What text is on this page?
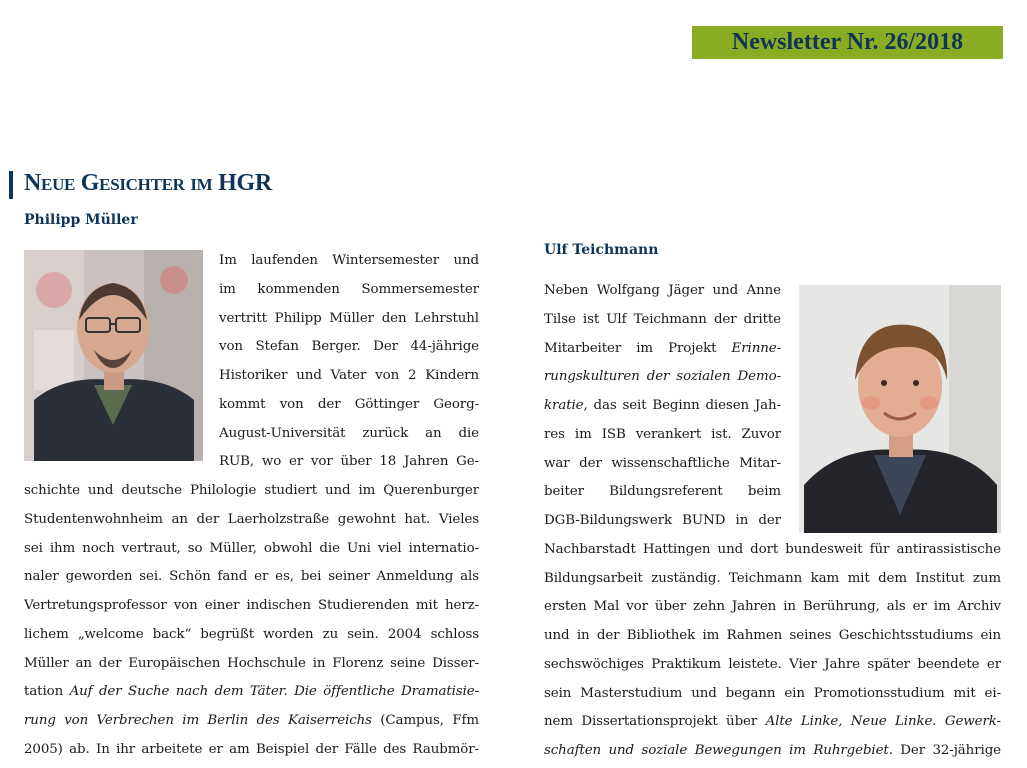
Newsletter Nr. 26/2018
Neue Gesichter im HGR
Philipp Müller

Im laufenden Wintersemester und
im kommenden Sommersemester
vertritt Philipp Müller den Lehrstuhl
von Stefan Berger. Der 44-jährige
Historiker und Vater von 2 Kindern
kommt von der Göttinger Georg-
August-Universität zurück an die
RUB, wo er vor über 18 Jahren Ge-
schichte und deutsche Philologie studiert und im Querenburger
Studentenwohnheim an der Laerholzstraße gewohnt hat. Vieles
sei ihm noch vertraut, so Müller, obwohl die Uni viel internatio-
naler geworden sei. Schön fand er es, bei seiner Anmeldung als
Vertretungsprofessor von einer indischen Studierenden mit herz-
lichem „welcome back“ begrüßt worden zu sein. 2004 schloss
Müller an der Europäischen Hochschule in Florenz seine Disser-
tation Auf der Suche nach dem Täter. Die öffentliche Dramatisie-
rung von Verbrechen im Berlin des Kaiserreichs (Campus, Ffm
2005) ab. In ihr arbeitete er am Beispiel der Fälle des Raubmör-

Ulf Teichmann

Neben Wolfgang Jäger und Anne
Tilse ist Ulf Teichmann der dritte
Mitarbeiter im Projekt Erinne-
rungskulturen der sozialen Demo-
kratie, das seit Beginn diesen Jah-
res im ISB verankert ist. Zuvor
war der wissenschaftliche Mitar-
beiter Bildungsreferent beim
DGB-Bildungswerk BUND in der
Nachbarstadt Hattingen und dort bundesweit für antirassistische
Bildungsarbeit zuständig. Teichmann kam mit dem Institut zum
ersten Mal vor über zehn Jahren in Berührung, als er im Archiv
und in der Bibliothek im Rahmen seines Geschichtsstudiums ein
sechswöchiges Praktikum leistete. Vier Jahre später beendete er
sein Masterstudium und begann ein Promotionsstudium mit ei-
nem Dissertationsprojekt über Alte Linke, Neue Linke. Gewerk-
schaften und soziale Bewegungen im Ruhrgebiet. Der 32-jährige
